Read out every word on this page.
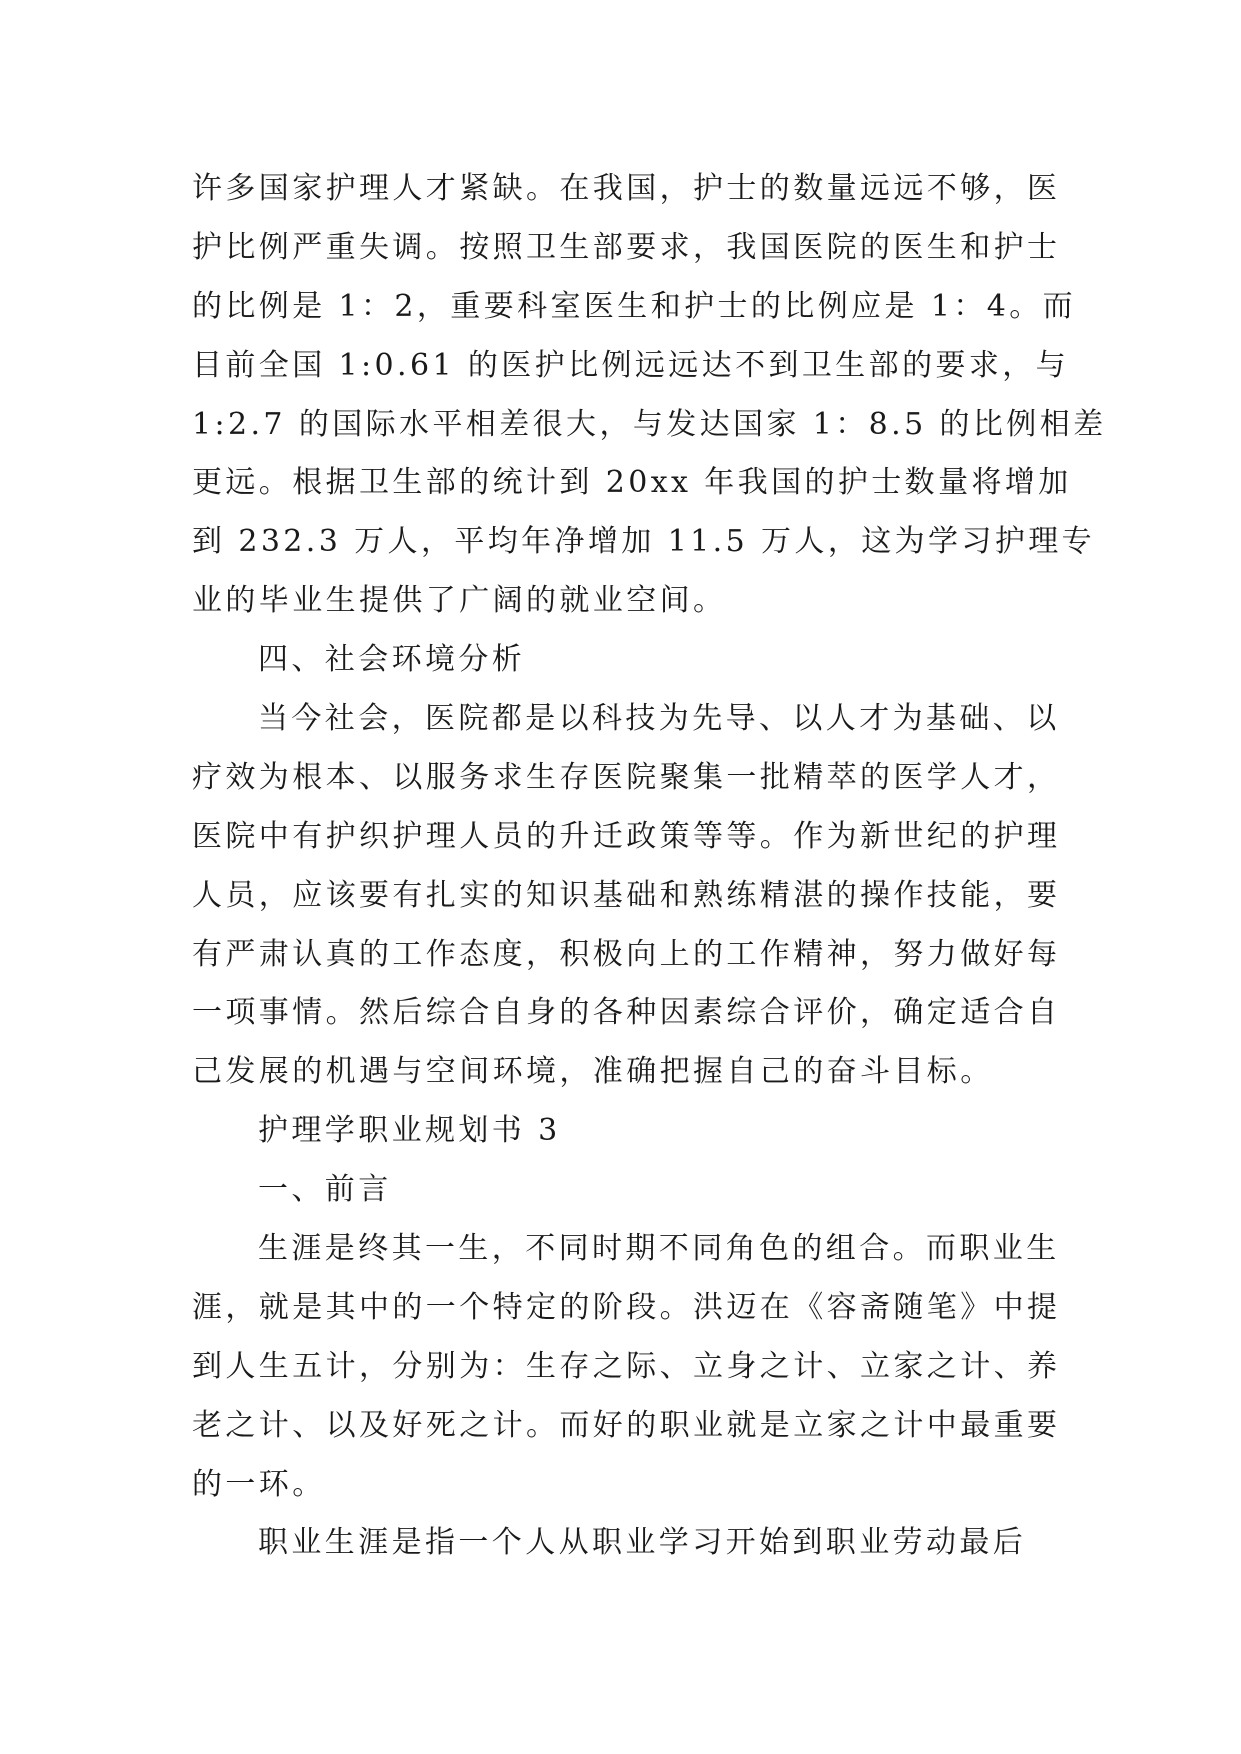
许多国家护理人才紧缺。在我国，护士的数量远远不够，医
护比例严重失调。按照卫生部要求，我国医院的医生和护士
的比例是 1：2，重要科室医生和护士的比例应是 1：4。而
目前全国 1:0.61 的医护比例远远达不到卫生部的要求，与
1:2.7 的国际水平相差很大，与发达国家 1：8.5 的比例相差
更远。根据卫生部的统计到 20xx 年我国的护士数量将增加
到 232.3 万人，平均年净增加 11.5 万人，这为学习护理专
业的毕业生提供了广阔的就业空间。
四、社会环境分析
当今社会，医院都是以科技为先导、以人才为基础、以
疗效为根本、以服务求生存医院聚集一批精萃的医学人才，
医院中有护织护理人员的升迁政策等等。作为新世纪的护理
人员，应该要有扎实的知识基础和熟练精湛的操作技能，要
有严肃认真的工作态度，积极向上的工作精神，努力做好每
一项事情。然后综合自身的各种因素综合评价，确定适合自
己发展的机遇与空间环境，准确把握自己的奋斗目标。
护理学职业规划书 3
一、前言
生涯是终其一生，不同时期不同角色的组合。而职业生
涯，就是其中的一个特定的阶段。洪迈在《容斋随笔》中提
到人生五计，分别为：生存之际、立身之计、立家之计、养
老之计、以及好死之计。而好的职业就是立家之计中最重要
的一环。
职业生涯是指一个人从职业学习开始到职业劳动最后
